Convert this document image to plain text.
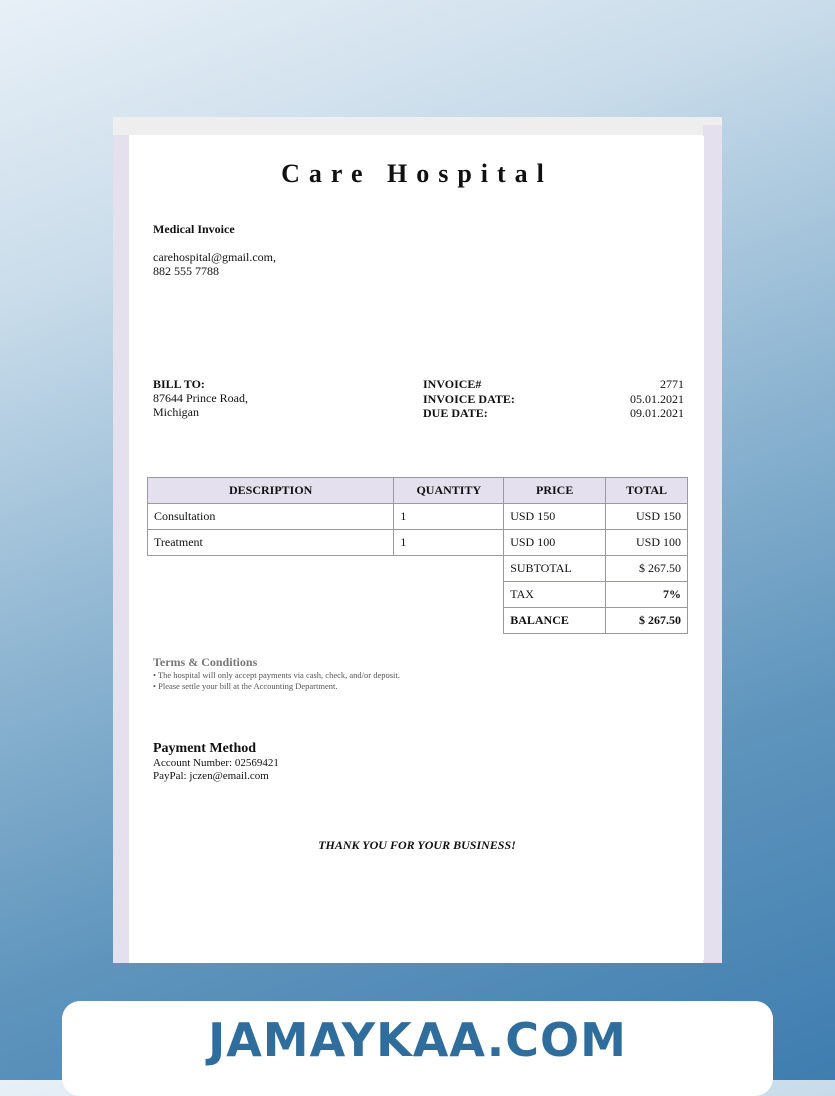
Care Hospital
Medical Invoice
carehospital@gmail.com,
882 555 7788
BILL TO:
87644 Prince Road,
Michigan
INVOICE#	2771
INVOICE DATE:	05.01.2021
DUE DATE:	09.01.2021
DESCRIPTION	QUANTITY	PRICE	TOTAL
Consultation	1	USD 150	USD 150
Treatment	1	USD 100	USD 100
		SUBTOTAL	$ 267.50
		TAX	7%
		BALANCE	$ 267.50
Terms & Conditions
• The hospital will only accept payments via cash, check, and/or deposit.
• Please settle your bill at the Accounting Department.
Payment Method
Account Number: 02569421
PayPal: jczen@email.com
THANK YOU FOR YOUR BUSINESS!
JAMAYKAA.COM
